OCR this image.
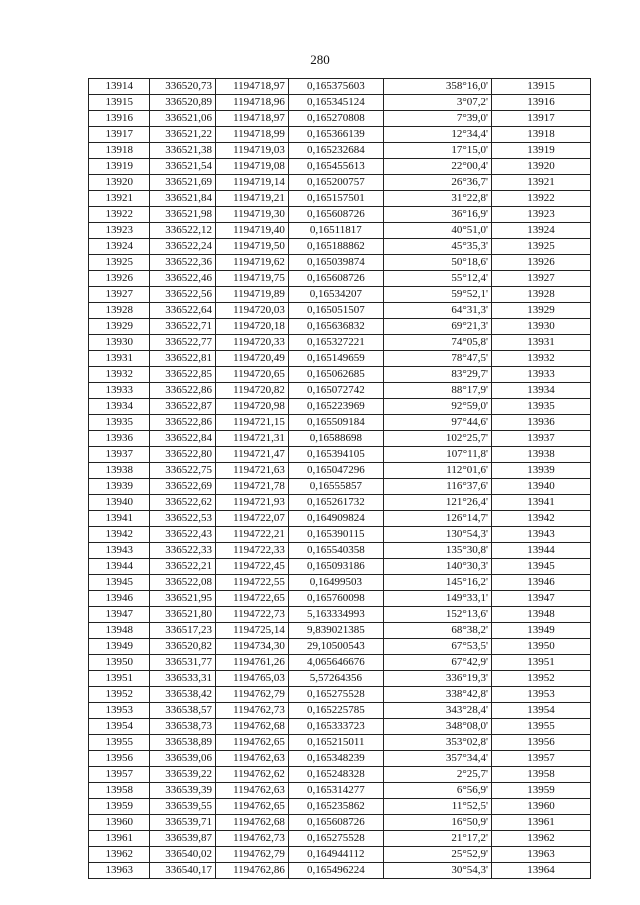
280
13914	336520,73	1194718,97	0,165375603	358°16,0'	13915
13915	336520,89	1194718,96	0,165345124	3°07,2'	13916
13916	336521,06	1194718,97	0,165270808	7°39,0'	13917
13917	336521,22	1194718,99	0,165366139	12°34,4'	13918
13918	336521,38	1194719,03	0,165232684	17°15,0'	13919
13919	336521,54	1194719,08	0,165455613	22°00,4'	13920
13920	336521,69	1194719,14	0,165200757	26°36,7'	13921
13921	336521,84	1194719,21	0,165157501	31°22,8'	13922
13922	336521,98	1194719,30	0,165608726	36°16,9'	13923
13923	336522,12	1194719,40	0,16511817	40°51,0'	13924
13924	336522,24	1194719,50	0,165188862	45°35,3'	13925
13925	336522,36	1194719,62	0,165039874	50°18,6'	13926
13926	336522,46	1194719,75	0,165608726	55°12,4'	13927
13927	336522,56	1194719,89	0,16534207	59°52,1'	13928
13928	336522,64	1194720,03	0,165051507	64°31,3'	13929
13929	336522,71	1194720,18	0,165636832	69°21,3'	13930
13930	336522,77	1194720,33	0,165327221	74°05,8'	13931
13931	336522,81	1194720,49	0,165149659	78°47,5'	13932
13932	336522,85	1194720,65	0,165062685	83°29,7'	13933
13933	336522,86	1194720,82	0,165072742	88°17,9'	13934
13934	336522,87	1194720,98	0,165223969	92°59,0'	13935
13935	336522,86	1194721,15	0,165509184	97°44,6'	13936
13936	336522,84	1194721,31	0,16588698	102°25,7'	13937
13937	336522,80	1194721,47	0,165394105	107°11,8'	13938
13938	336522,75	1194721,63	0,165047296	112°01,6'	13939
13939	336522,69	1194721,78	0,16555857	116°37,6'	13940
13940	336522,62	1194721,93	0,165261732	121°26,4'	13941
13941	336522,53	1194722,07	0,164909824	126°14,7'	13942
13942	336522,43	1194722,21	0,165390115	130°54,3'	13943
13943	336522,33	1194722,33	0,165540358	135°30,8'	13944
13944	336522,21	1194722,45	0,165093186	140°30,3'	13945
13945	336522,08	1194722,55	0,16499503	145°16,2'	13946
13946	336521,95	1194722,65	0,165760098	149°33,1'	13947
13947	336521,80	1194722,73	5,163334993	152°13,6'	13948
13948	336517,23	1194725,14	9,839021385	68°38,2'	13949
13949	336520,82	1194734,30	29,10500543	67°53,5'	13950
13950	336531,77	1194761,26	4,065646676	67°42,9'	13951
13951	336533,31	1194765,03	5,57264356	336°19,3'	13952
13952	336538,42	1194762,79	0,165275528	338°42,8'	13953
13953	336538,57	1194762,73	0,165225785	343°28,4'	13954
13954	336538,73	1194762,68	0,165333723	348°08,0'	13955
13955	336538,89	1194762,65	0,165215011	353°02,8'	13956
13956	336539,06	1194762,63	0,165348239	357°34,4'	13957
13957	336539,22	1194762,62	0,165248328	2°25,7'	13958
13958	336539,39	1194762,63	0,165314277	6°56,9'	13959
13959	336539,55	1194762,65	0,165235862	11°52,5'	13960
13960	336539,71	1194762,68	0,165608726	16°50,9'	13961
13961	336539,87	1194762,73	0,165275528	21°17,2'	13962
13962	336540,02	1194762,79	0,164944112	25°52,9'	13963
13963	336540,17	1194762,86	0,165496224	30°54,3'	13964
